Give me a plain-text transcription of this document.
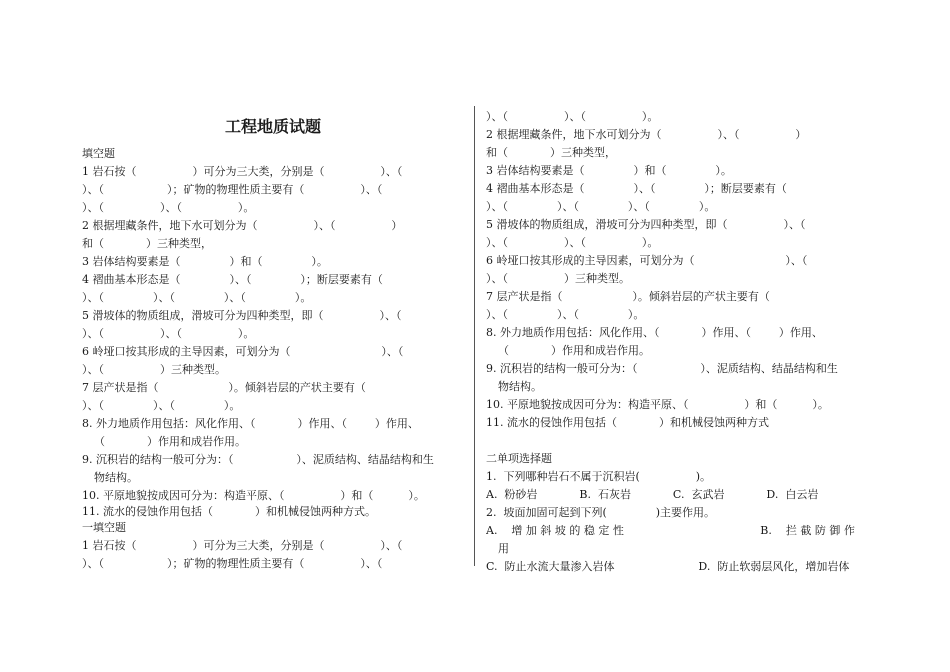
工程地质试题
填空题
1 岩石按（                ）可分为三大类，分别是（                ）、（
）、（                  ）；矿物的物理性质主要有（                ）、（
）、（                ）、（                ）。
2 根据埋藏条件，地下水可划分为（                ）、（                ）
和（            ）三种类型，
3 岩体结构要素是（              ）和（              ）。
4 褶曲基本形态是（              ）、（              ）；断层要素有（
）、（              ）、（              ）、（              ）。
5 滑坡体的物质组成，滑坡可分为四种类型，即（                ）、（
）、（                ）、（                ）。
6 岭垭口按其形成的主导因素，可划分为（                          ）、（
）、（                ）三种类型。
7 层产状是指（                    ）。倾斜岩层的产状主要有（
）、（              ）、（              ）。
8. 外力地质作用包括：风化作用、（            ）作用、（        ）作用、
（            ）作用和成岩作用。
9. 沉积岩的结构一般可分为：（                  ）、泥质结构、结晶结构和生
物结构。
10. 平原地貌按成因可分为：构造平原、（                ）和（          ）。
11. 流水的侵蚀作用包括（            ）和机械侵蚀两种方式。
一填空题
1 岩石按（                ）可分为三大类，分别是（                ）、（
）、（                  ）；矿物的物理性质主要有（                ）、（
）、（                ）、（                ）。
2 根据埋藏条件，地下水可划分为（                ）、（                ）
和（            ）三种类型，
3 岩体结构要素是（              ）和（              ）。
4 褶曲基本形态是（              ）、（              ）；断层要素有（
）、（              ）、（              ）、（              ）。
5 滑坡体的物质组成，滑坡可分为四种类型，即（                ）、（
）、（                ）、（                ）。
6 岭垭口按其形成的主导因素，可划分为（                          ）、（
）、（                ）三种类型。
7 层产状是指（                    ）。倾斜岩层的产状主要有（
）、（              ）、（              ）。
8. 外力地质作用包括：风化作用、（            ）作用、（        ）作用、
（            ）作用和成岩作用。
9. 沉积岩的结构一般可分为：（                  ）、泥质结构、结晶结构和生
物结构。
10. 平原地貌按成因可分为：构造平原、（                ）和（          ）。
11. 流水的侵蚀作用包括（            ）和机械侵蚀两种方式
二单项选择题
1.  下列哪种岩石不属于沉积岩(                )。
A.  粉砂岩            B.  石灰岩            C.  玄武岩            D.  白云岩
2.  坡面加固可起到下列(              )主要作用。
A.    增 加 斜 坡 的 稳 定 性                                       B.    拦 截 防 御 作
用
C.  防止水流大量渗入岩体                        D.  防止软弱层风化，增加岩体
